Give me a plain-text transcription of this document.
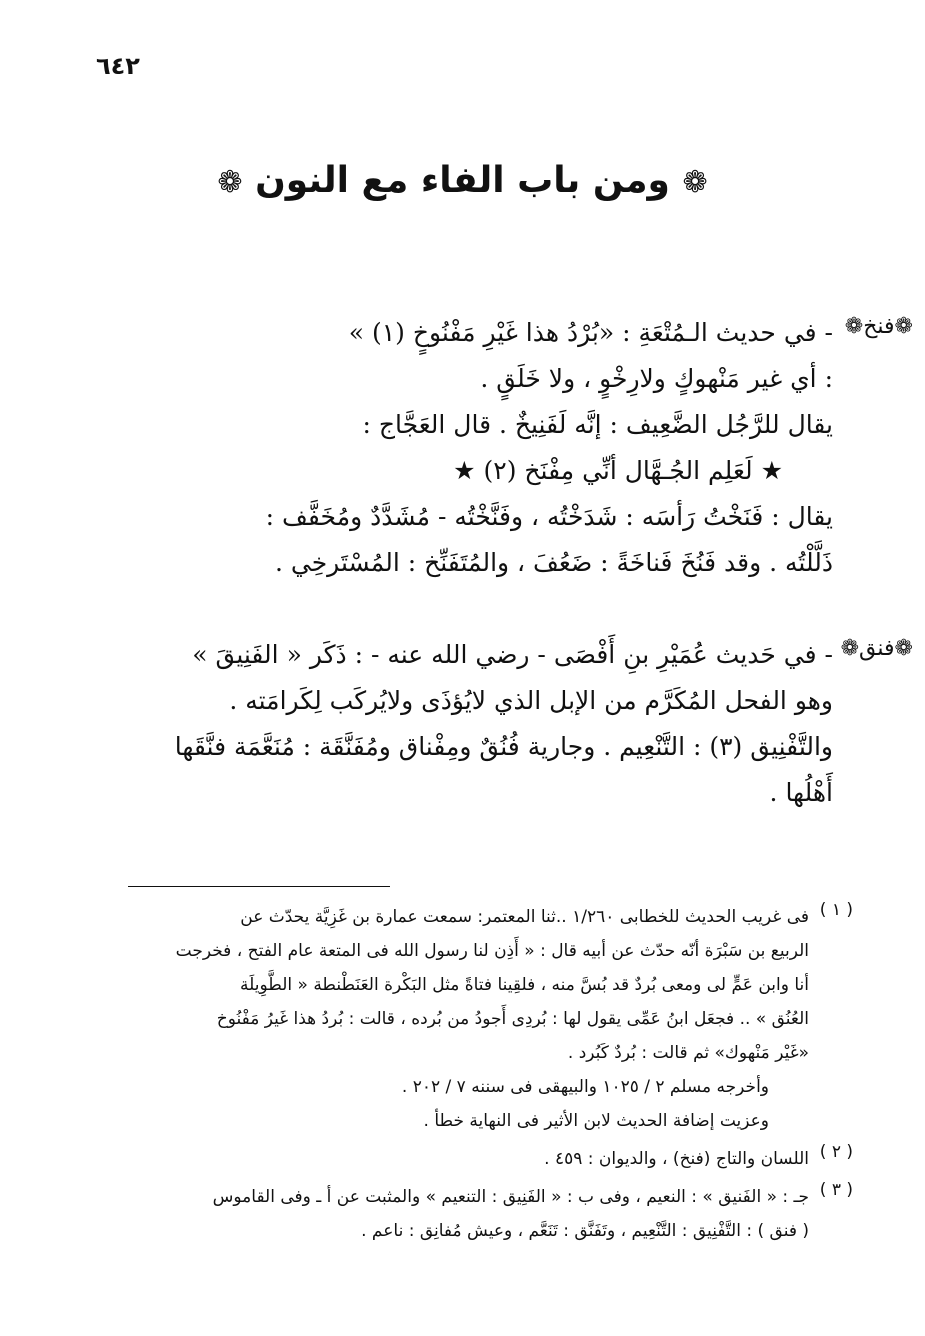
٦٤٢
❁ ومن باب الفاء مع النون ❁
❁فنخ❁

- في حديث الـمُتْعَةِ : «بُرْدُ هذا غَيْرِ مَفْنُوخٍ (١) »

: أي غير مَنْهوكٍ ولارِخْوٍ ، ولا خَلَقٍ .

يقال للرَّجُل الضَّعِيف : إنَّه لَفَنِيخٌ . قال العَجَّاج :

★ لَعَلِم الجُـهَّال أنِّي مِفْنَخ (٢) ★

يقال : فَنَخْتُ رَأسَه : شَدَخْتُه ، وفَنَّخْتُه - مُشَدَّدٌ ومُخَفَّف :

ذَلَّلْتُه . وقد فَنُخَ فَناخَةً : ضَعُفَ ، والمُتَفَنِّخ : المُسْتَرخِي .

❁فنق❁

- في حَديث عُمَيْرِ بنِ أَفْصَى - رضي الله عنه - : ذَكَر « الفَنِيقَ »

وهو الفحل المُكَرَّم من الإبل الذي لايُؤذَى ولايُركَب لِكَرامَته .

والتَّفْنِيق (٣) : التَّنْعِيم . وجارية فُنُقٌ ومِفْناق ومُفَنَّقَة : مُنَعَّمَة فنَّقَها

أَهْلُها .

( ١ )

فى غريب الحديث للخطابى ١/٢٦٠ ..ثنا المعتمر: سمعت عمارة بن غَزِيَّة يحدّث عن

الربيع بن سَبْرَة أنّه حدّث عن أبيه قال : « أَذِن لنا رسول الله فى المتعة عام الفتح ، فخرجت

أنا وابن عَمٍّ لى ومعى بُردٌ قد بُسَّ منه ، فلقِينا فتاةً مثل البَكْرة العَنَطْنطة « الطَّوِيلَة

العُنُق » .. فجعَل ابنُ عَمِّى يقول لها : بُردِى أَجودُ من بُرده ، قالت : بُردُ هذا غَيرُ مَفْنُوخ

«غَيْر مَنْهوك» ثم قالت : بُردٌ كَبُرد .

وأخرجه مسلم ٢ / ١٠٢٥ والبيهقى فى سننه ٧ / ٢٠٢ .

وعزيت إضافة الحديث لابن الأثير فى النهاية خطأ .

( ٢ )

اللسان والتاج (فنخ) ، والديوان : ٤٥٩ .

( ٣ )

جـ : « الفَنيق » : النعيم ، وفى ب : « الفَنِيق : التنعيم » والمثبت عن أ ـ وفى القاموس

( فنق ) : التَّفْنِيق : التَّنْعِيم ، وتَفَنَّق : تَنَعَّم ، وعيش مُفانِق : ناعم .
